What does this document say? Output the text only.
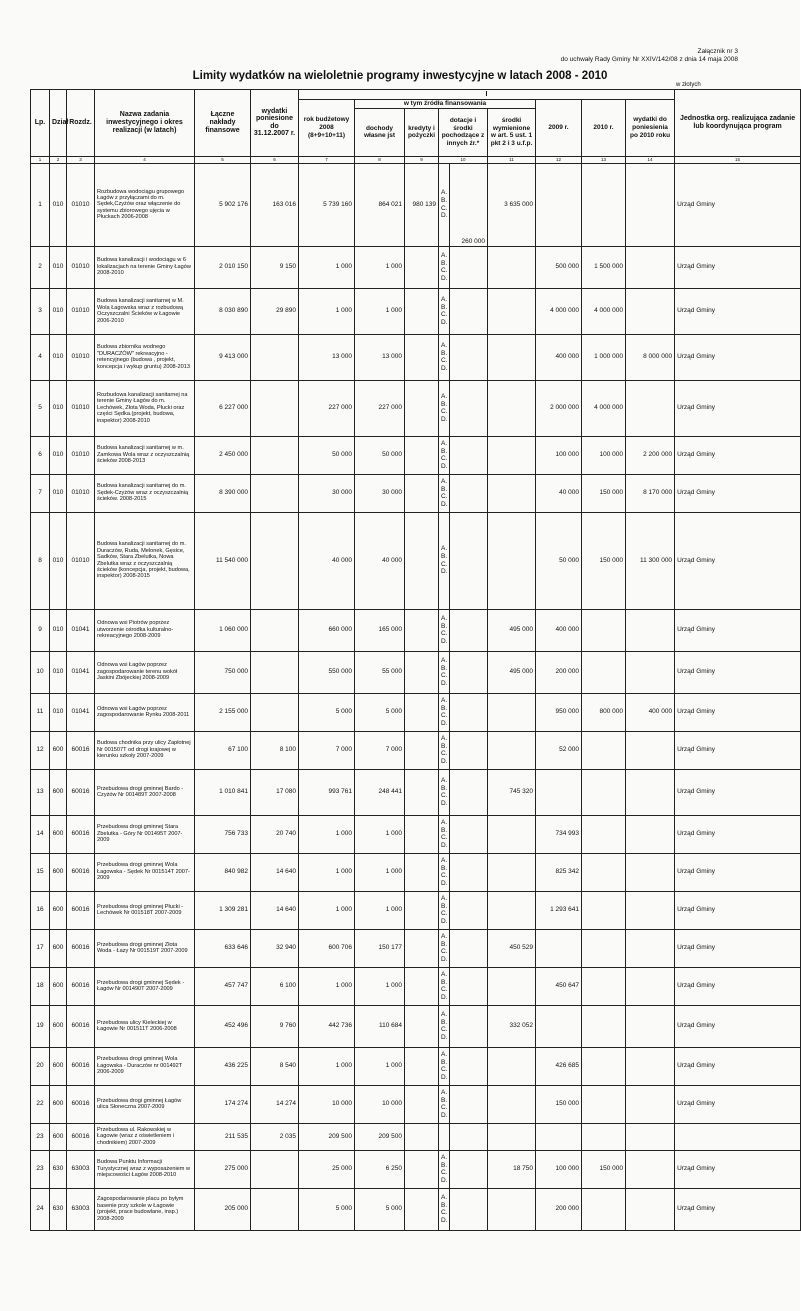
Załącznik nr 3
do uchwały Rady Gminy Nr XXIV/142/08 z dnia 14 maja 2008
Limity wydatków na wieloletnie programy inwestycyjne w latach 2008 - 2010
w złotych
Lp.	Dział	Rozdz.	Nazwa zadania inwestycyjnego i okres realizacji (w latach)	Łączne nakłady finansowe	wydatki poniesione do 31.12.2007 r.	I									Jednostka org. realizująca zadanie lub koordynująca program
						rok budżetowy 2008 (8+9+10+11)	w tym źródła finansowania					2009 r.	2010 r.	wydatki do poniesienia po 2010 roku	
							dochody własne jst	kredyty i pożyczki	dotacje i środki pochodzące z innych źr.*		środki wymienione w art. 5 ust. 1 pkt 2 i 3 u.f.p.				
1	2	3	4	5	6	7	8	9	10		11	12	13	14	15
1	010	01010	Rozbudowa wodociągu grupowego Łagów z przyłączami do m. Sędek,Czyżów oraz włączenie do systemu zbiorowego ujęcia w Płuckach 2006-2008	5 902 176	163 016	5 739 160	864 021	980 139	A.
B.
C.
D.	260 000	3 635 000				Urząd Gminy
2	010	01010	Budowa kanalizacji i wodociągu w 6 lokalizacjach na terenie Gminy Łagów 2008-2010	2 010 150	9 150	1 000	1 000		A.
B.
C.
D.			500 000	1 500 000		Urząd Gminy
3	010	01010	Budowa kanalizacji sanitarnej w M. Wola Łagowska wraz z rozbudową Oczyszczalni Ścieków w Łagowie 2006-2010	8 030 890	29 890	1 000	1 000		A.
B.
C.
D.			4 000 000	4 000 000		Urząd Gminy
4	010	01010	Budowa zbiornika wodnego "DURACZÓW" rekreacyjno - retencyjnego (budowa , projekt, koncepcja i wykup gruntu) 2008-2013	9 413 000		13 000	13 000		A.
B.
C.
D.			400 000	1 000 000	8 000 000	Urząd Gminy
5	010	01010	Rozbudowa kanalizacji sanitarnej na terenie Gminy Łagów do m. Lechówek, Złota Woda, Płucki oraz części Sędka.(projekt, budowa, inspektor) 2008-2010	6 227 000		227 000	227 000		A.
B.
C.
D.			2 000 000	4 000 000		Urząd Gminy
6	010	01010	Budowa kanalizacji sanitarnej w m. Zamkowa Wola wraz z oczyszczalnią ścieków 2008-2013	2 450 000		50 000	50 000		A.
B.
C.
D.			100 000	100 000	2 200 000	Urząd Gminy
7	010	01010	Budowa kanalizacji sanitarnej do m. Sędek-Czyżów wraz z oczyszczalnią ścieków. 2008-2015	8 390 000		30 000	30 000		A.
B.
C.
D.			40 000	150 000	8 170 000	Urząd Gminy
8	010	01010	Budowa kanalizacji sanitarnej do m. Duraczów, Ruda, Melonek, Gęsice, Sadków, Stara Zbelutka, Nowa Zbelutka wraz z oczyszczalnią ścieków (koncepcja, projekt, budowa, inspektor) 2008-2015	11 540 000		40 000	40 000		A.
B.
C.
D.			50 000	150 000	11 300 000	Urząd Gminy
9	010	01041	Odnowa wsi Piotrów poprzez utworzenie ośrodka kulturalno-rekreacyjnego 2008-2009	1 060 000		660 000	165 000		A.
B.
C.
D.		495 000	400 000			Urząd Gminy
10	010	01041	Odnowa wsi Łagów poprzez zagospodarowanie terenu wokół Jaskini Zbójeckiej 2008-2009	750 000		550 000	55 000		A.
B.
C.
D.		495 000	200 000			Urząd Gminy
11	010	01041	Odnowa wsi Łagów poprzez zagospodarowanie Rynku 2008-2011	2 155 000		5 000	5 000		A.
B.
C.
D.			950 000	800 000	400 000	Urząd Gminy
12	600	60016	Budowa chodnika przy ulicy Zapłotnej Nr 001507T od drogi krajowej w kierunku szkoły 2007-2009	67 100	8 100	7 000	7 000		A.
B.
C.
D.			52 000			Urząd Gminy
13	600	60016	Przebudowa drogi gminnej Bardo - Czyżów Nr 001489T 2007-2008	1 010 841	17 080	993 761	248 441		A.
B.
C.
D.		745 320				Urząd Gminy
14	600	60016	Przebudowa drogi gminnej Stara Zbelutka - Góry Nr 001495T 2007-2009	756 733	20 740	1 000	1 000		A.
B.
C.
D.			734 993			Urząd Gminy
15	600	60016	Przebudowa drogi gminnej Wola Łagowska - Sędek Nr 001514T 2007-2009	840 982	14 640	1 000	1 000		A.
B.
C.
D.			825 342			Urząd Gminy
16	600	60016	Przebudowa drogi gminnej Płucki - Lechówek Nr 001518T 2007-2009	1 309 281	14 640	1 000	1 000		A.
B.
C.
D.			1 293 641			Urząd Gminy
17	600	60016	Przebudowa drogi gminnej Złota Woda - Łazy Nr 001519T 2007-2009	633 646	32 940	600 706	150 177		A.
B.
C.
D.		450 529				Urząd Gminy
18	600	60016	Przebudowa drogi gminnej Sędek - Łagów Nr 001490T 2007-2009	457 747	6 100	1 000	1 000		A.
B.
C.
D.			450 647			Urząd Gminy
19	600	60016	Przebudowa ulicy Kieleckiej w Łagowie Nr 001511T 2006-2008	452 496	9 760	442 736	110 684		A.
B.
C.
D.		332 052				Urząd Gminy
20	600	60016	Przebudowa drogi gminnej Wola Łagowska - Duraczów nr 001492T 2006-2009	436 225	8 540	1 000	1 000		A.
B.
C.
D.			426 685			Urząd Gminy
22	600	60016	Przebudowa drogi gminnej Łagów ulica Słoneczna 2007-2009	174 274	14 274	10 000	10 000		A.
B.
C.
D.			150 000			Urząd Gminy
23	600	60016	Przebudowa ul. Rakowskiej w Łagowie (wraz z oświetleniem i chodnikiem) 2007-2009	211 535	2 035	209 500	209 500			

23	630	63003	Budowa Punktu Informacji Turystycznej wraz z wyposażeniem w miejscowości Łagów 2008-2010	275 000		25 000	6 250		A.
B.
C.
D.		18 750	100 000	150 000		Urząd Gminy
24	630	63003	Zagospodarowanie placu po byłym basenie przy szkole w Łagowie (projekt, prace budowlane, insp.) 2008-2009	205 000		5 000	5 000		A.
B.
C.
D.			200 000			Urząd Gminy
